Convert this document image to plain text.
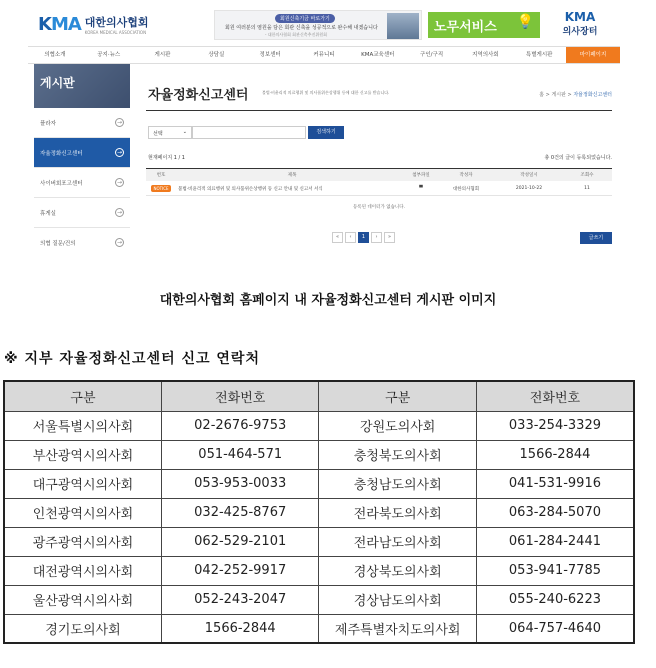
KMA 대한의사협회
KOREA MEDICAL ASSOCIATION
회원신축기금 바로가기
회원 여러분의 염원을 담은 회관 신축을 성공적으로 완수해 내겠습니다
- 대한의사협회 회관신축추진위원회	노무서비스 💡	KMA
의사장터
의협소개	공지·뉴스	게시판	상담실	정보센터	커뮤니티	KMA교육센터	구인/구직	지역의사회	특별게시판	마이페이지
게시판
플라자	→
자율정화신고센터	→
사이버회포고센터	→
휴게실	→
의협 질문/건의	→
자율정화신고센터	불법·비윤리적 의료행위 및 의사품위손상행위 등에 대한 신고를 받습니다.	홈 > 게시판 > 자율정화신고센터
선택	⌄	검색하기
현재페이지 1 / 1	총 0건의 글이 등록되었습니다.
번호	제목	첨부파일	작성자	작성일시	조회수
NOTICE	불법·비윤리적 의료행위 및 의사품위손상행위 등 신고 안내 및 신고서 서식	▀	대한의사협회	2021-10-22	11
등록된 데이터가 없습니다.
«	‹	1	›	»	글쓰기
대한의사협회 홈페이지 내 자율정화신고센터 게시판 이미지
※ 지부 자율정화신고센터 신고 연락처
구분	전화번호	구분	전화번호
서울특별시의사회	02-2676-9753	강원도의사회	033-254-3329
부산광역시의사회	051-464-571	충청북도의사회	1566-2844
대구광역시의사회	053-953-0033	충청남도의사회	041-531-9916
인천광역시의사회	032-425-8767	전라북도의사회	063-284-5070
광주광역시의사회	062-529-2101	전라남도의사회	061-284-2441
대전광역시의사회	042-252-9917	경상북도의사회	053-941-7785
울산광역시의사회	052-243-2047	경상남도의사회	055-240-6223
경기도의사회	1566-2844	제주특별자치도의사회	064-757-4640
